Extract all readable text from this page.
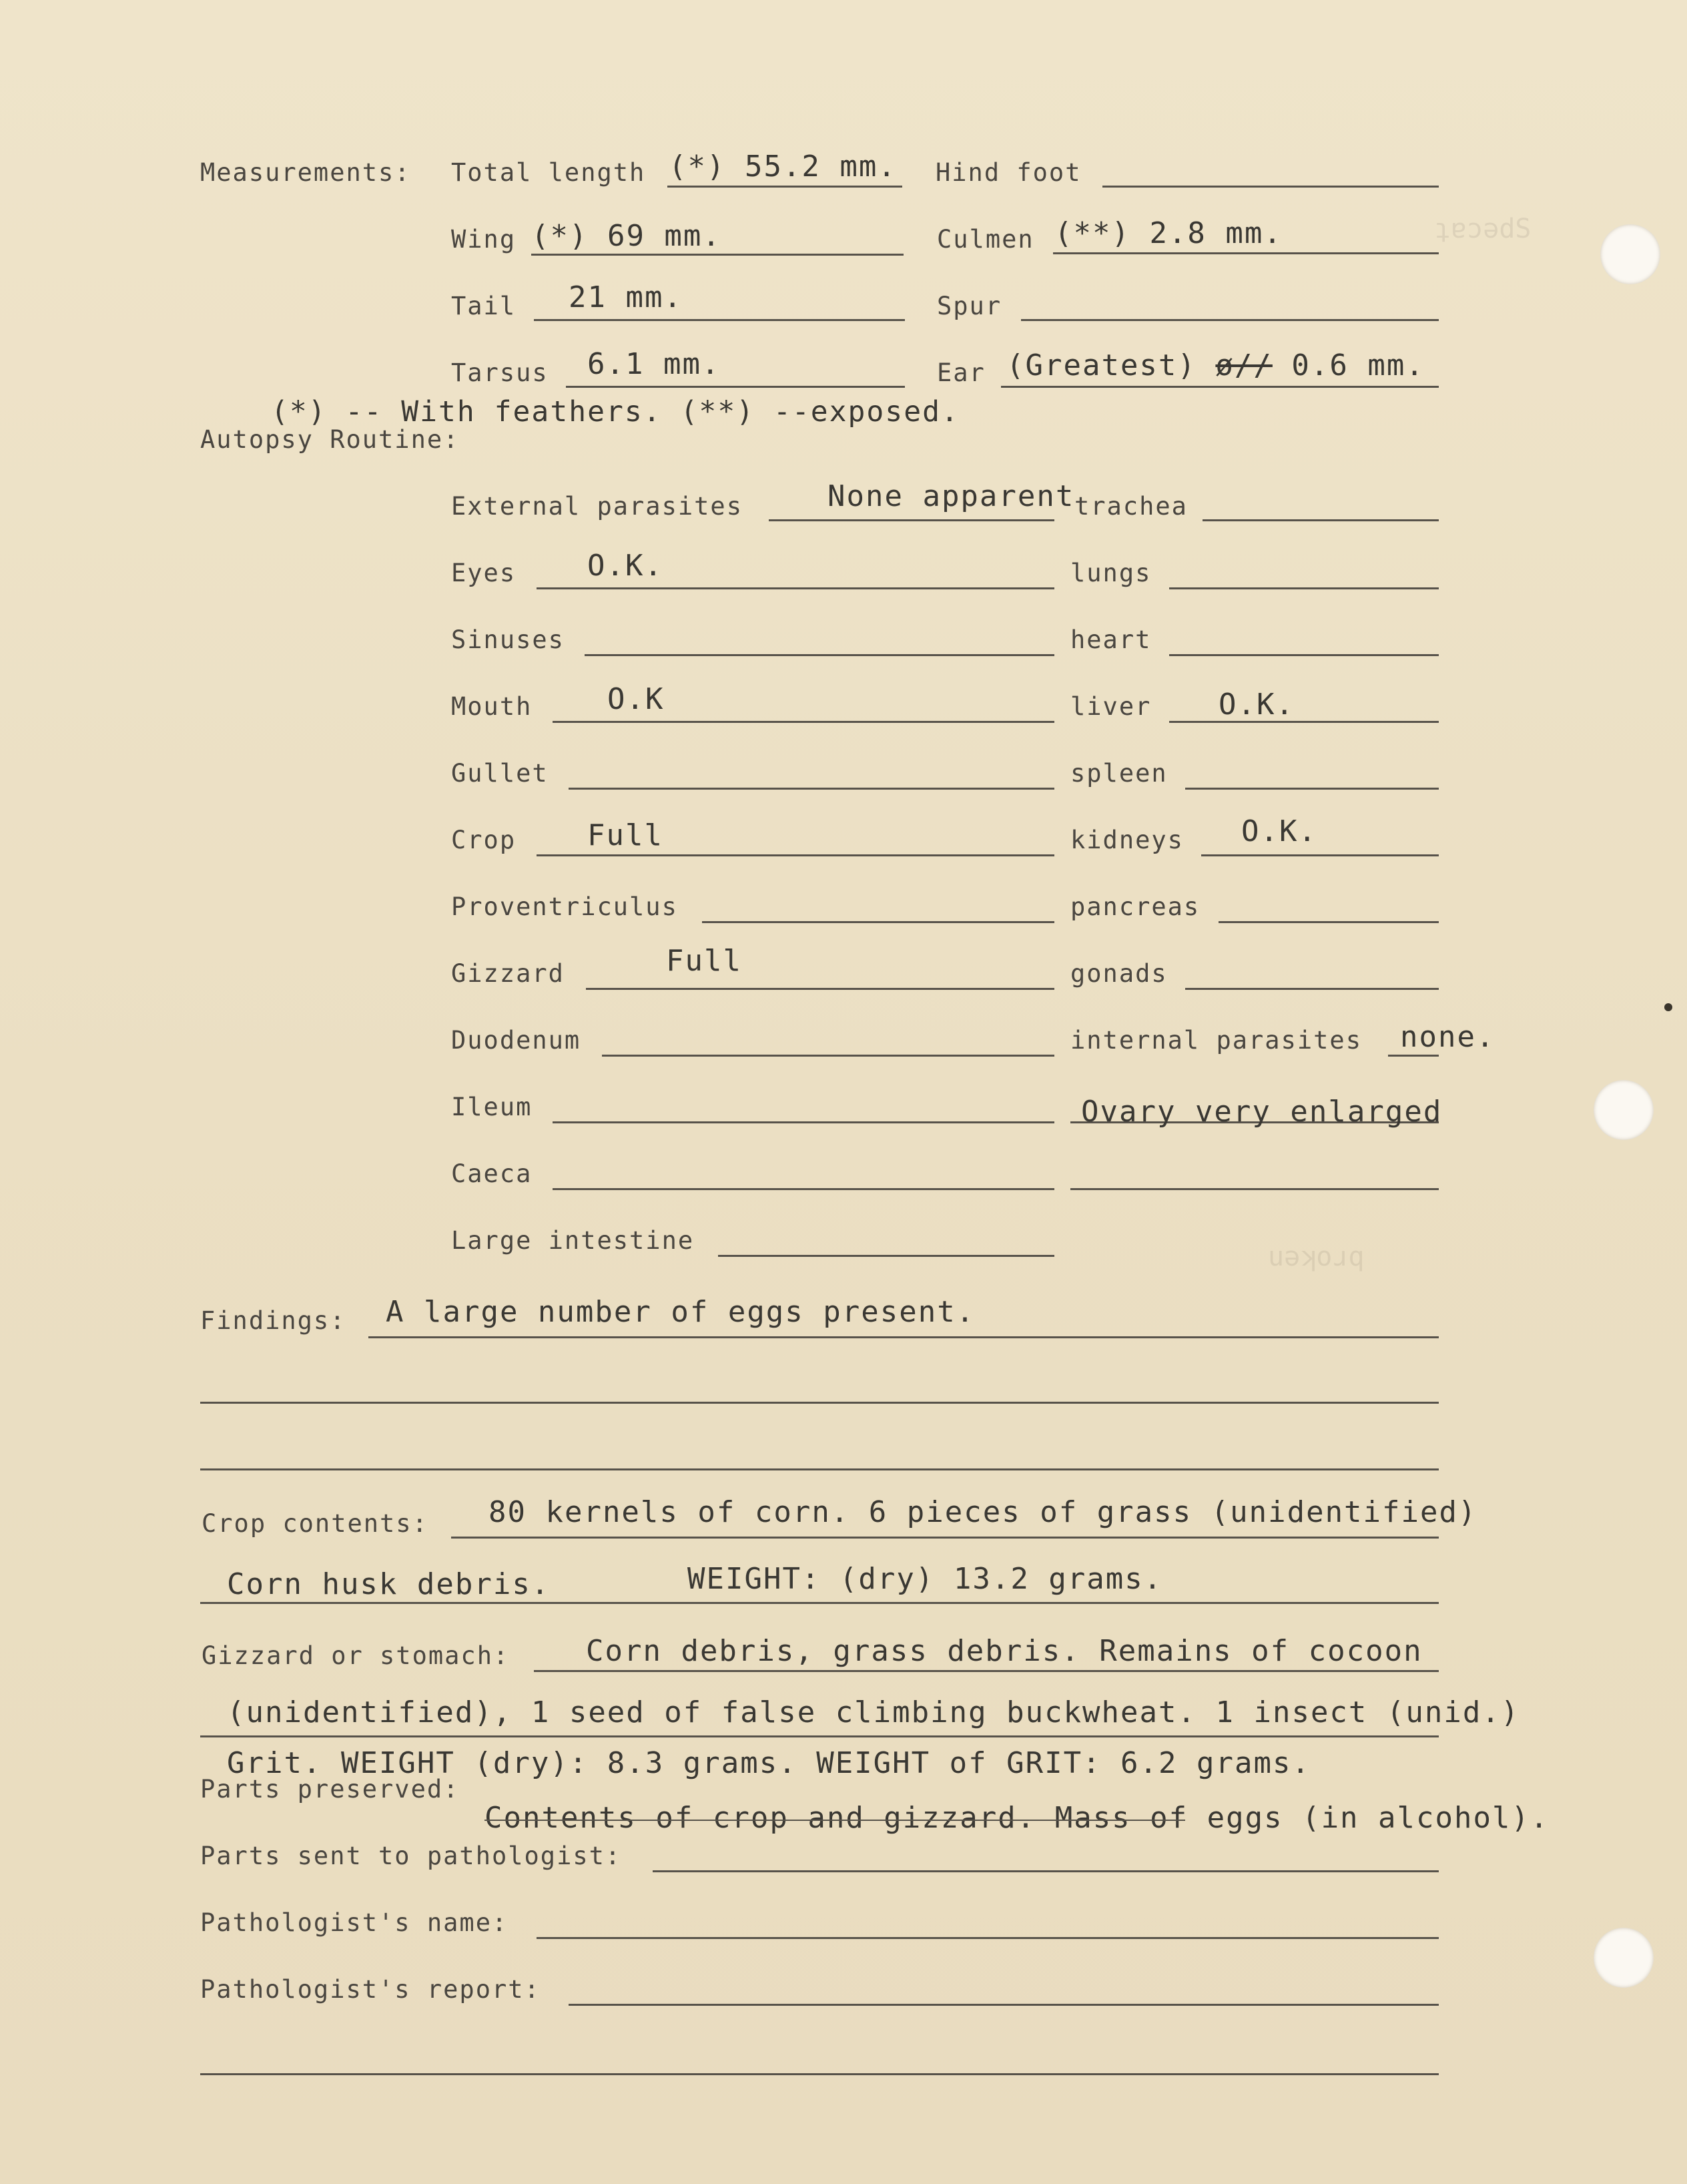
ʇɐɔǝdS
uǝʞoɹq
Measurements: Total length (*) 55.2 mm. Hind foot
Wing (*) 69 mm.	Culmen (**) 2.8 mm.
Tail 21 mm.	Spur
Tarsus 6.1 mm.	Ear (Greatest) ø// 0.6 mm.
(*) -- With feathers. (**) --exposed.
Autopsy Routine:
External parasites	None apparent trachea
Eyes O.K.	lungs
Sinuses	heart
Mouth	O.K	liver O.K.
Gullet	spleen
Crop Full	kidneys O.K.
Proventriculus	pancreas
Gizzard	Full	gonads
Duodenum	internal parasites none.
Ileum	Ovary very enlarged
Caeca
Large intestine
Findings: A large number of eggs present.
Crop contents: 80 kernels of corn. 6 pieces of grass (unidentified)
Corn husk debris.	WEIGHT: (dry) 13.2 grams.
Gizzard or stomach:	Corn debris, grass debris. Remains of cocoon
(unidentified), 1 seed of false climbing buckwheat. 1 insect (unid.)
Grit. WEIGHT (dry): 8.3 grams. WEIGHT of GRIT: 6.2 grams.
Parts preserved:
Contents of crop and gizzard. Mass of eggs (in alcohol).
Parts sent to pathologist:
Pathologist's name:
Pathologist's report:
